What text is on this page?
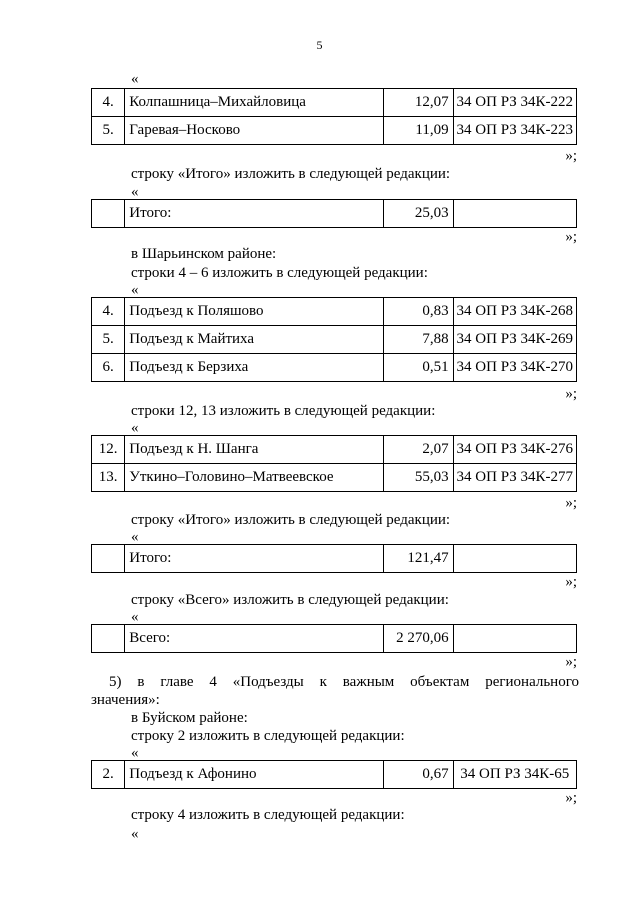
5
«
4.	Колпашница–Михайловица	12,07	34 ОП РЗ 34К-222
5.	Гаревая–Носково	11,09	34 ОП РЗ 34К-223
»;
строку «Итого» изложить в следующей редакции:
«
	Итого:	25,03	
»;
в Шарьинском районе:
строки 4 – 6 изложить в следующей редакции:
«
4.	Подъезд к Поляшово	0,83	34 ОП РЗ 34К-268
5.	Подъезд к Майтиха	7,88	34 ОП РЗ 34К-269
6.	Подъезд к Берзиха	0,51	34 ОП РЗ 34К-270
»;
строки 12, 13 изложить в следующей редакции:
«
12.	Подъезд к Н. Шанга	2,07	34 ОП РЗ 34К-276
13.	Уткино–Головино–Матвеевское	55,03	34 ОП РЗ 34К-277
»;
строку «Итого» изложить в следующей редакции:
«
	Итого:	121,47	
»;
строку «Всего» изложить в следующей редакции:
«
	Всего:	2 270,06	
»;
5) в главе 4 «Подъезды к важным объектам регионального
значения»:
в Буйском районе:
строку 2 изложить в следующей редакции:
«
2.	Подъезд к Афонино	0,67	34 ОП РЗ 34К-65
»;
строку 4 изложить в следующей редакции:
«
